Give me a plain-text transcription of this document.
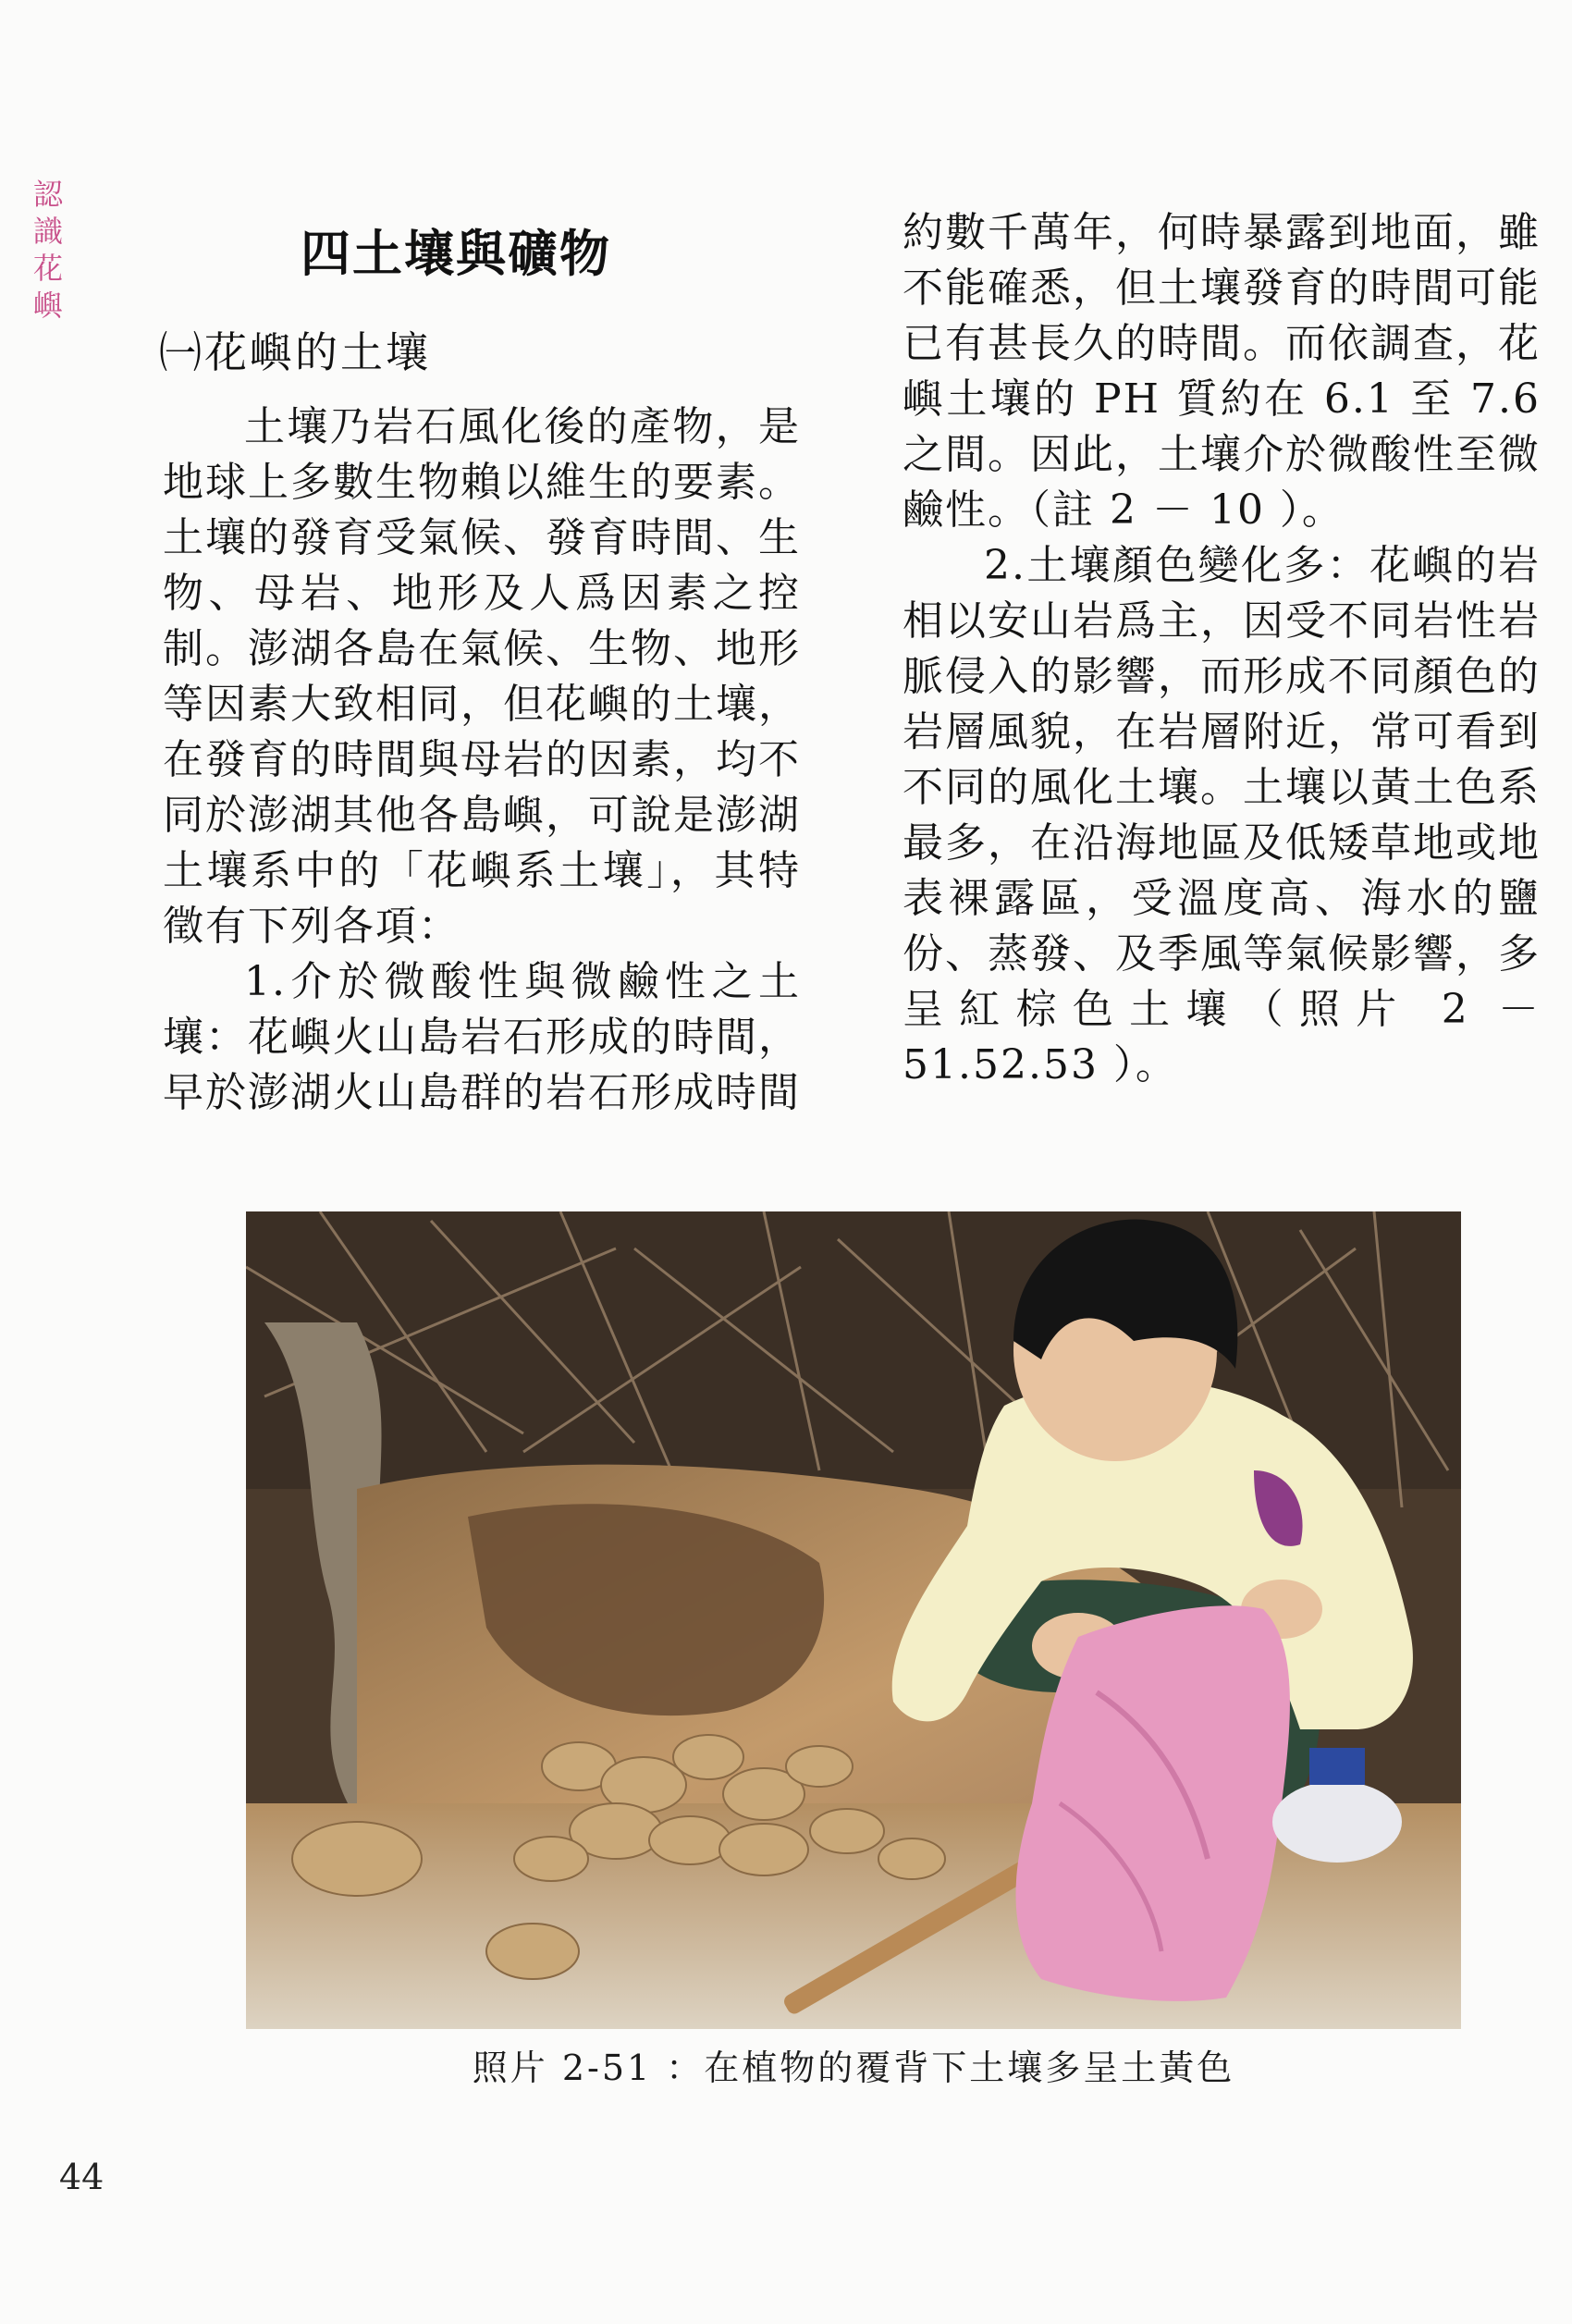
認識花嶼
四土壤與礦物
㈠花嶼的土壤

土壤乃岩石風化後的產物，是地球上多數生物賴以維生的要素。土壤的發育受氣候、發育時間、生物、母岩、地形及人爲因素之控制。澎湖各島在氣候、生物、地形等因素大致相同，但花嶼的土壤，在發育的時間與母岩的因素，均不同於澎湖其他各島嶼，可說是澎湖土壤系中的「花嶼系土壤」，其特徵有下列各項：

1.介於微酸性與微鹼性之土壤：花嶼火山島岩石形成的時間，早於澎湖火山島群的岩石形成時間

約數千萬年，何時暴露到地面，雖不能確悉，但土壤發育的時間可能已有甚長久的時間。而依調查，花嶼土壤的 PH 質約在 6.1 至 7.6 之間。因此，土壤介於微酸性至微鹼性。（註 2 － 10 ）。

2.土壤顏色變化多：花嶼的岩相以安山岩爲主，因受不同岩性岩脈侵入的影響，而形成不同顏色的岩層風貌，在岩層附近，常可看到不同的風化土壤。土壤以黃土色系最多，在沿海地區及低矮草地或地表裸露區，受溫度高、海水的鹽份、蒸發、及季風等氣候影響，多呈紅棕色土壤（照片 2 － 51.52.53 ）。

照片 2-51 ：在植物的覆背下土壤多呈土黃色
44
